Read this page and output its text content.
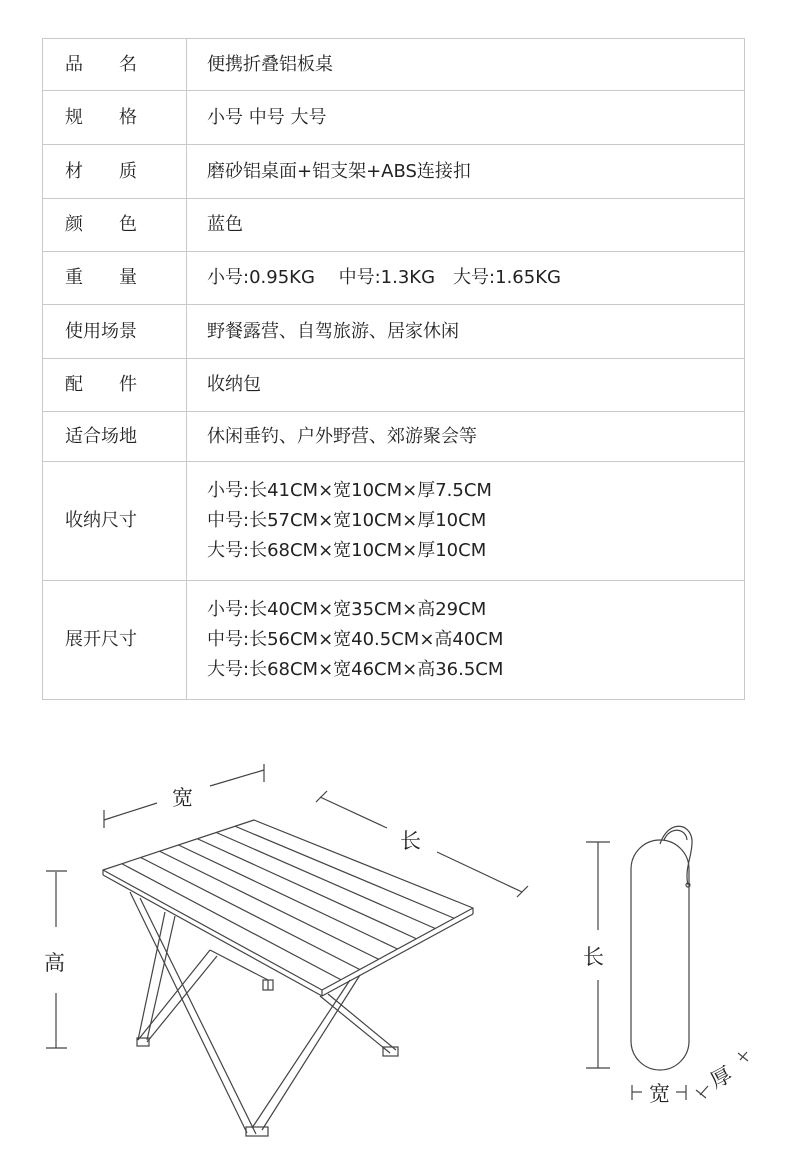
品　　名	便携折叠铝板桌

规　　格	小号 中号 大号

材　　质	磨砂铝桌面+铝支架+ABS连接扣

颜　　色	蓝色

重　　量	小号:0.95KG　 中号:1.3KG　大号:1.65KG

使用场景	野餐露营、自驾旅游、居家休闲

配　　件	收纳包

适合场地	休闲垂钓、户外野营、郊游聚会等

收纳尺寸	小号:长41CM×宽10CM×厚7.5CM
中号:长57CM×宽10CM×厚10CM
大号:长68CM×宽10CM×厚10CM

展开尺寸	小号:长40CM×宽35CM×高29CM
中号:长56CM×宽40.5CM×高40CM
大号:长68CM×宽46CM×高36.5CM
宽
长
高	长
宽
厚
